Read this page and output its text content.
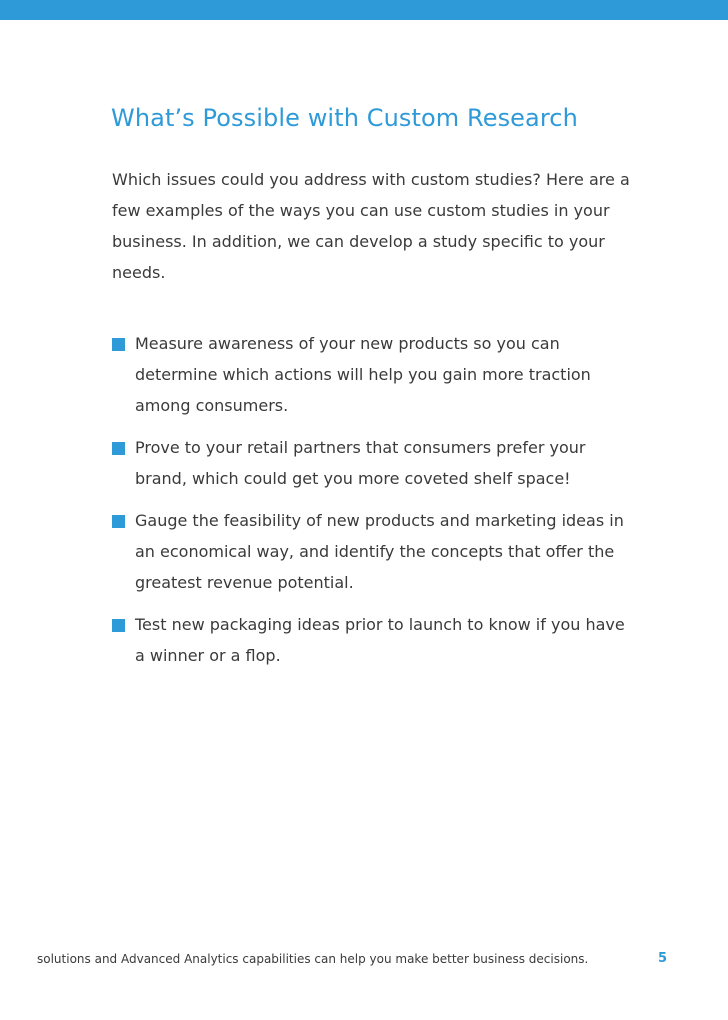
What’s Possible with Custom Research

Which issues could you address with custom studies? Here are a few examples of the ways you can use custom studies in your business. In addition, we can develop a study specific to your needs.

Measure awareness of your new products so you can determine which actions will help you gain more traction among consumers.
Prove to your retail partners that consumers prefer your brand, which could get you more coveted shelf space!
Gauge the feasibility of new products and marketing ideas in an economical way, and identify the concepts that offer the greatest revenue potential.
Test new packaging ideas prior to launch to know if you have a winner or a flop.
solutions and Advanced Analytics capabilities can help you make better business decisions.	5
